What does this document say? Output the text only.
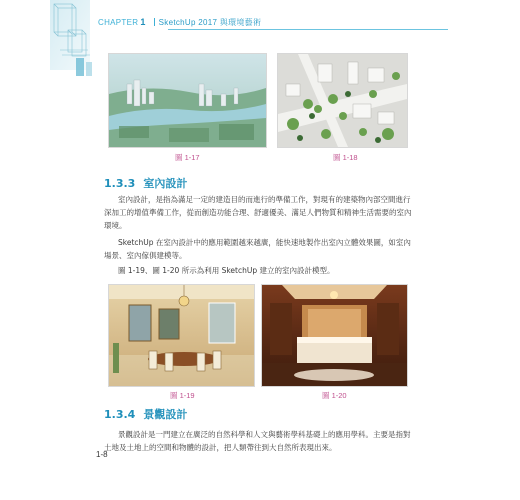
CHAPTER 1 SketchUp 2017 與環境藝術
圖 1-17	圖 1-18
1.3.3 室內設計
室內設計，是指為滿足一定的建造目的而進行的準備工作，對現有的建築物內部空間進行深加工的增值準備工作，從而創造功能合理、舒適優美、滿足人們物質和精神生活需要的室內環境。
SketchUp 在室內設計中的應用範圍越來越廣，能快速地製作出室內立體效果圖，如室內場景、室內傢俱建模等。
圖 1-19、圖 1-20 所示為利用 SketchUp 建立的室內設計模型。
圖 1-19	圖 1-20
1.3.4 景觀設計
景觀設計是一門建立在廣泛的自然科學和人文與藝術學科基礎上的應用學科。主要是指對土地及土地上的空間和物體的設計，把人類帶往到大自然所表現出來。
1-8
